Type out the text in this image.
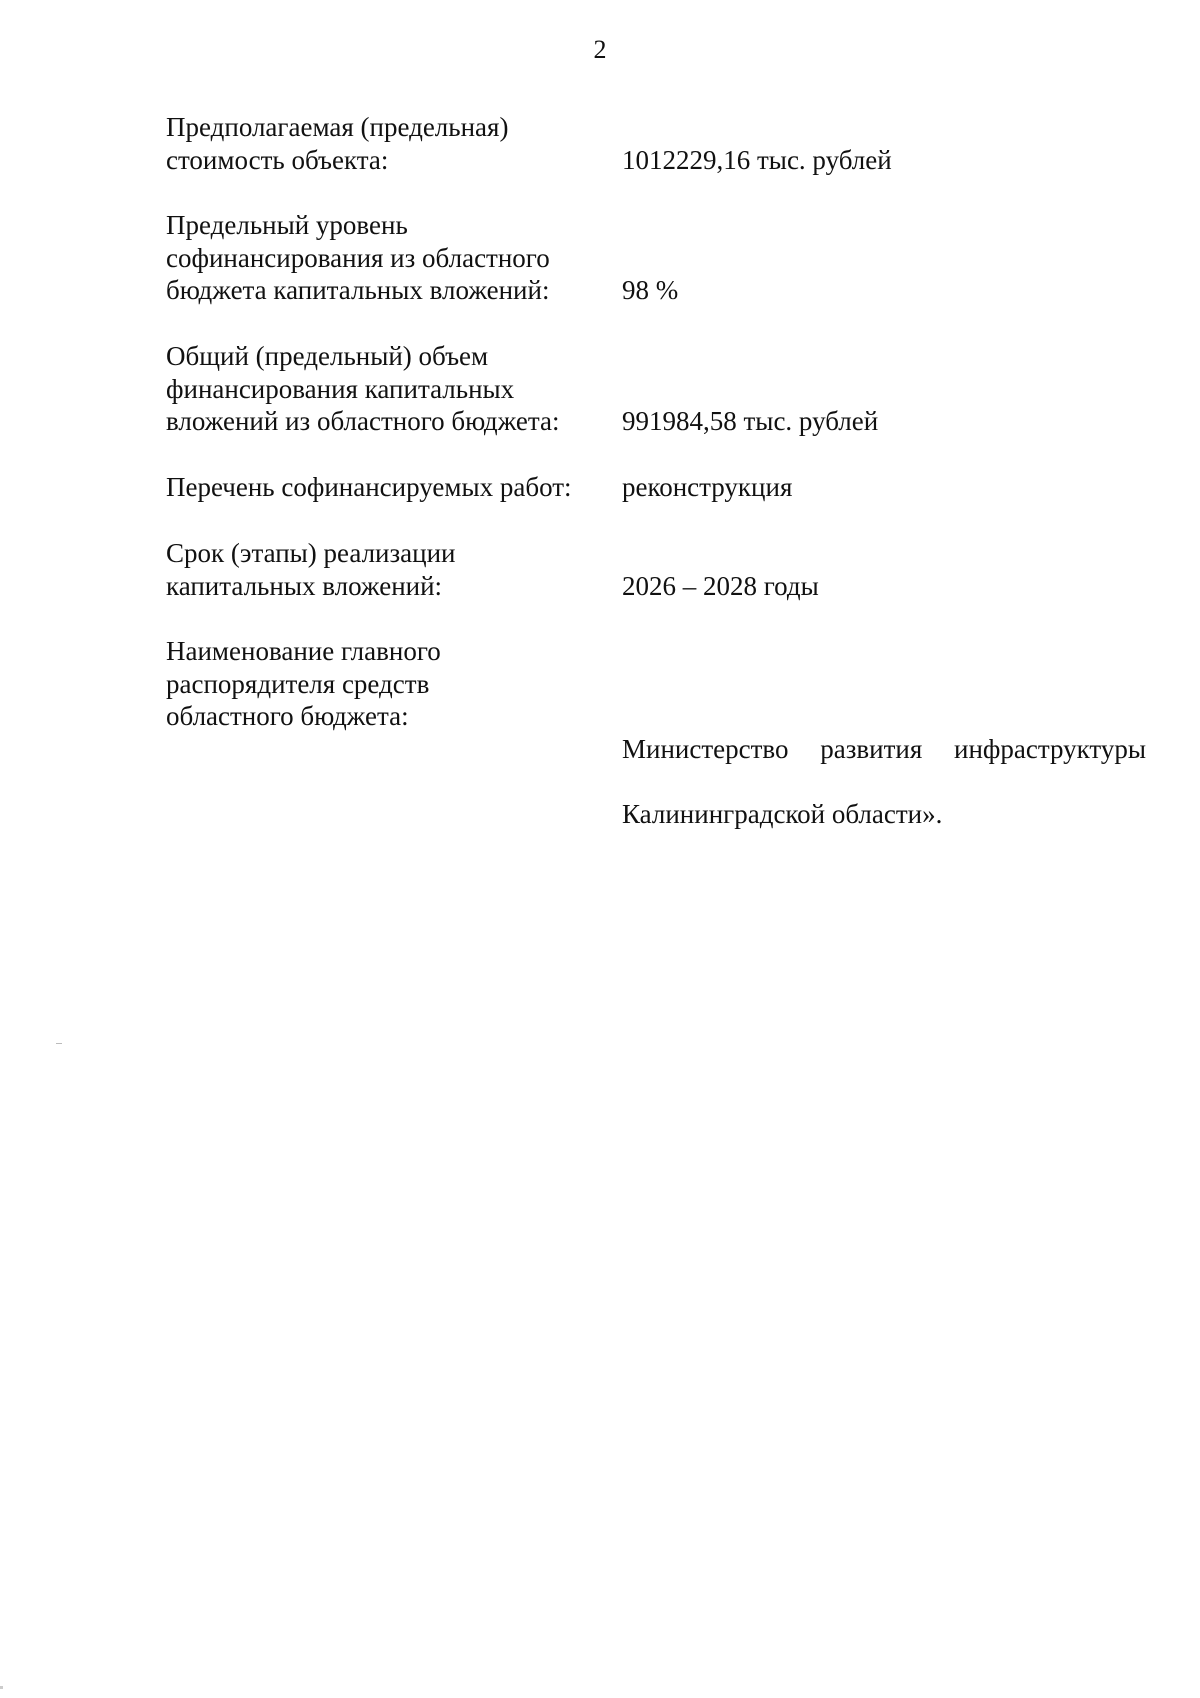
2
Предполагаемая (предельная)
стоимость объекта:	1012229,16 тыс. рублей
Предельный уровень
софинансирования из областного
бюджета капитальных вложений:	98 %
Общий (предельный) объем
финансирования капитальных
вложений из областного бюджета:	991984,58 тыс. рублей
Перечень софинансируемых работ:	реконструкция
Срок (этапы) реализации
капитальных вложений:	2026 – 2028 годы
Наименование главного
распорядителя средств
областного бюджета:

Министерство развития инфраструктуры

Калининградской области».
